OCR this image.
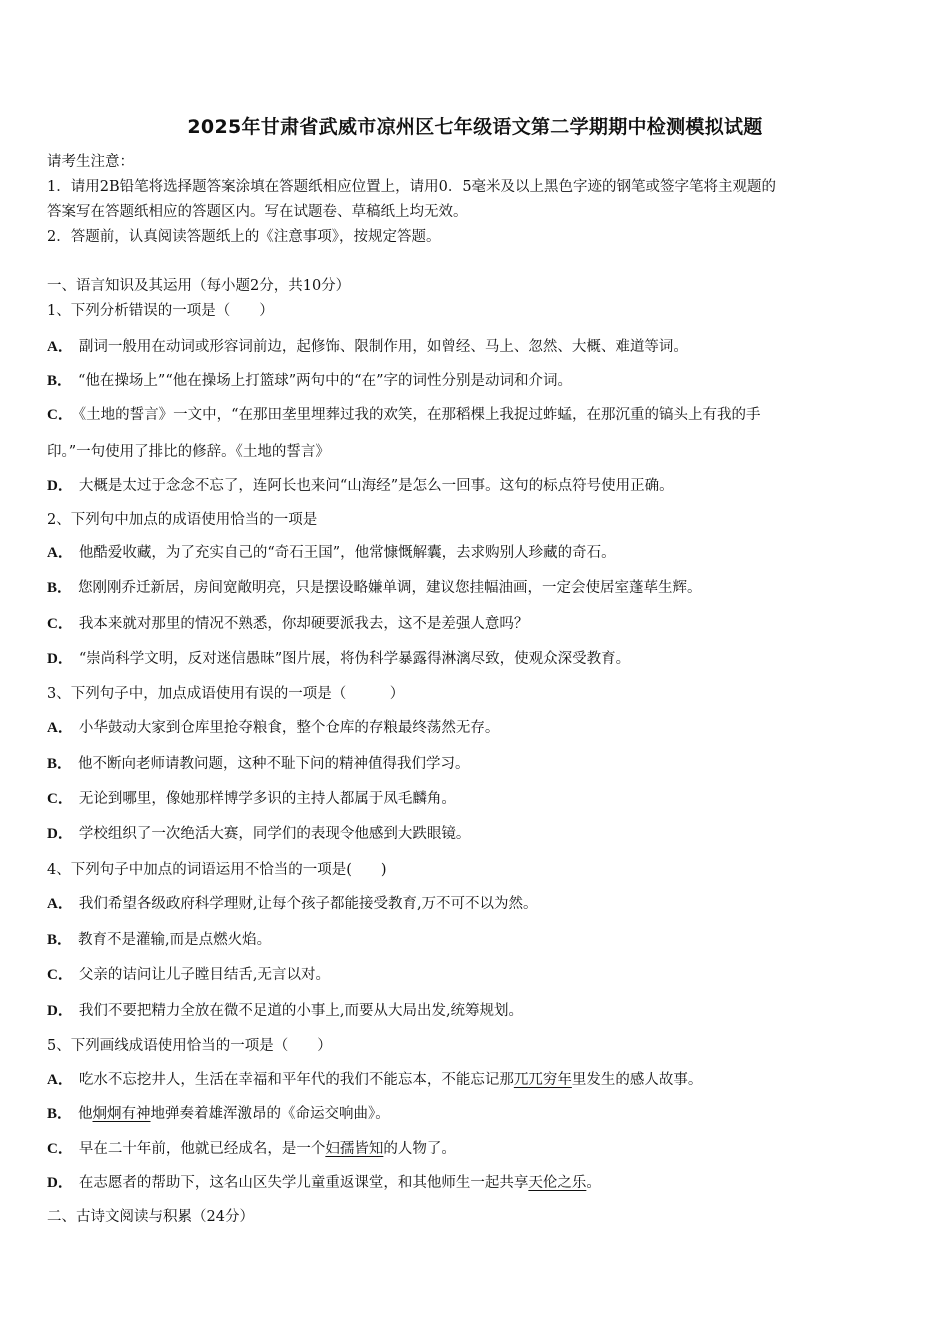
2025年甘肃省武威市凉州区七年级语文第二学期期中检测模拟试题
请考生注意：
1．请用2B铅笔将选择题答案涂填在答题纸相应位置上，请用0．5毫米及以上黑色字迹的钢笔或签字笔将主观题的
答案写在答题纸相应的答题区内。写在试题卷、草稿纸上均无效。
2．答题前，认真阅读答题纸上的《注意事项》，按规定答题。
一、语言知识及其运用（每小题2分，共10分）
1、下列分析错误的一项是（　　）
A． 副词一般用在动词或形容词前边，起修饰、限制作用，如曾经、马上、忽然、大概、难道等词。
B． “他在操场上”“他在操场上打篮球”两句中的“在”字的词性分别是动词和介词。
C． 《土地的誓言》一文中，“在那田垄里埋葬过我的欢笑，在那稻棵上我捉过蚱蜢，在那沉重的镐头上有我的手
印。”一句使用了排比的修辞。《土地的誓言》
D． 大概是太过于念念不忘了，连阿长也来问“山海经”是怎么一回事。这句的标点符号使用正确。
2、下列句中加点的成语使用恰当的一项是
A． 他酷爱收藏，为了充实自己的“奇石王国”，他常慷慨解囊，去求购别人珍藏的奇石。
B． 您刚刚乔迁新居，房间宽敞明亮，只是摆设略嫌单调，建议您挂幅油画，一定会使居室蓬荜生辉。
C． 我本来就对那里的情况不熟悉，你却硬要派我去，这不是差强人意吗？
D． “崇尚科学文明，反对迷信愚昧”图片展，将伪科学暴露得淋漓尽致，使观众深受教育。
3、下列句子中，加点成语使用有误的一项是（　　　）
A． 小华鼓动大家到仓库里抢夺粮食，整个仓库的存粮最终荡然无存。
B． 他不断向老师请教问题，这种不耻下问的精神值得我们学习。
C． 无论到哪里，像她那样博学多识的主持人都属于凤毛麟角。
D． 学校组织了一次绝活大赛，同学们的表现令他感到大跌眼镜。
4、下列句子中加点的词语运用不恰当的一项是(　　)
A． 我们希望各级政府科学理财,让每个孩子都能接受教育,万不可不以为然。
B． 教育不是灌输,而是点燃火焰。
C． 父亲的诘问让儿子瞠目结舌,无言以对。
D． 我们不要把精力全放在微不足道的小事上,而要从大局出发,统筹规划。
5、下列画线成语使用恰当的一项是（　　）
A． 吃水不忘挖井人，生活在幸福和平年代的我们不能忘本，不能忘记那兀兀穷年里发生的感人故事。
B． 他炯炯有神地弹奏着雄浑激昂的《命运交响曲》。
C． 早在二十年前，他就已经成名，是一个妇孺皆知的人物了。
D． 在志愿者的帮助下，这名山区失学儿童重返课堂，和其他师生一起共享天伦之乐。
二、古诗文阅读与积累（24分）
